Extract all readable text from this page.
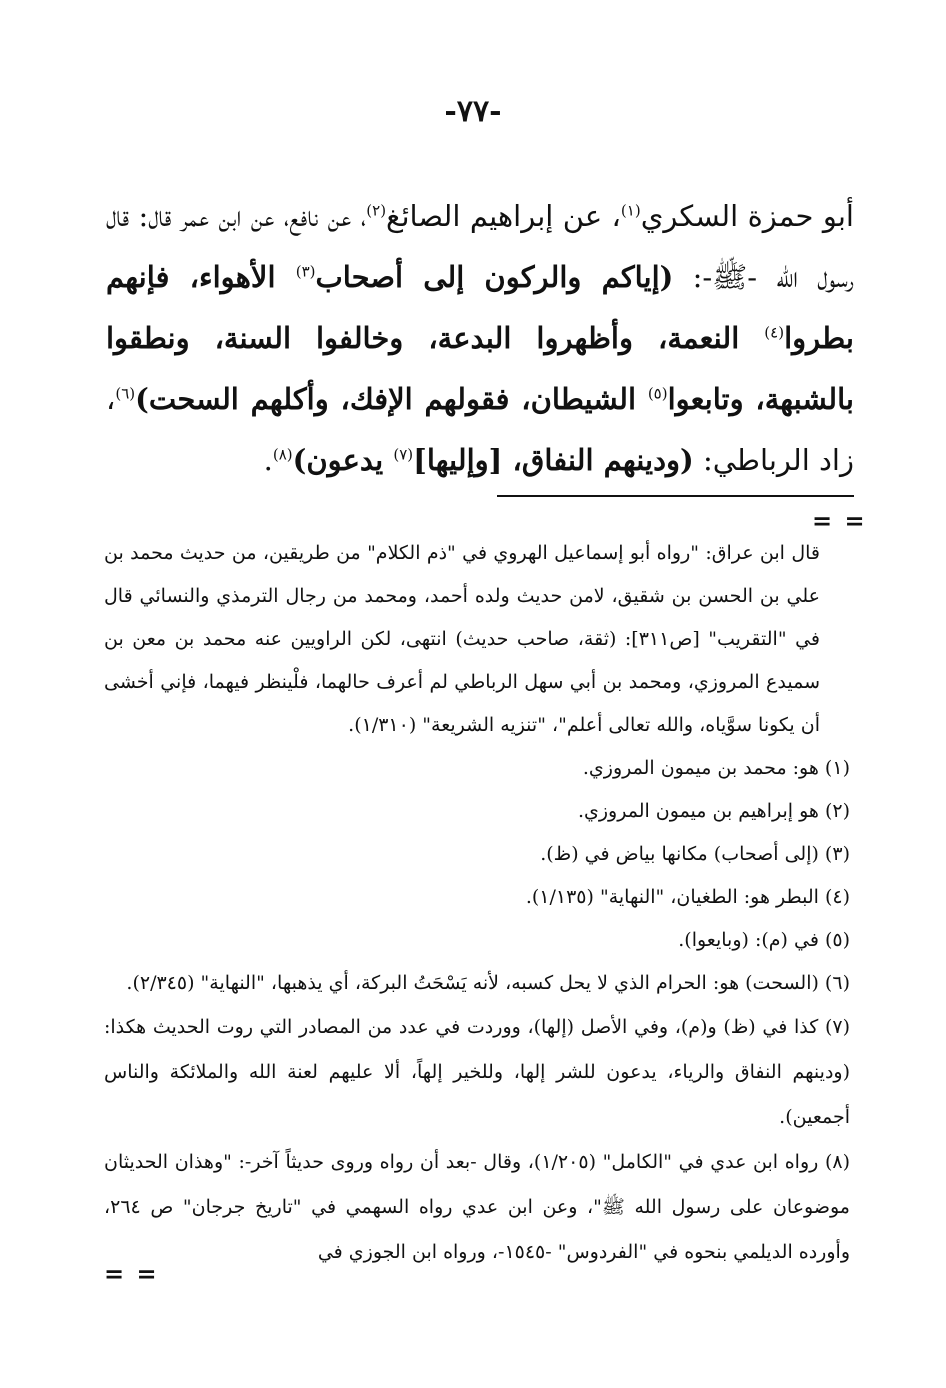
-٧٧-

أبو حمزة السكري$^{(١)}$، عن إبراهيم الصائغ$^{(٢)}$، عن نافع، عن ابن عمر قال: قال رسول الله -ﷺ-: (إياكم والركون إلى أصحاب$^{(٣)}$ الأهواء، فإنهم بطروا$^{(٤)}$ النعمة، وأظهروا البدعة، وخالفوا السنة، ونطقوا بالشبهة، وتابعوا$^{(٥)}$ الشيطان، فقولهم الإفك، وأكلهم السحت)$^{(٦)}$، زاد الرباطي: (ودينهم النفاق، [وإليها]$^{(٧)}$ يدعون)$^{(٨)}$.

= =

قال ابن عراق: "رواه أبو إسماعيل الهروي في "ذم الكلام" من طريقين، من حديث محمد بن علي بن الحسن بن شقيق، لامن حديث ولده أحمد، ومحمد من رجال الترمذي والنسائي قال في "التقريب" [ص٣١١]: (ثقة، صاحب حديث) انتهى، لكن الراويين عنه محمد بن معن بن سميدع المروزي، ومحمد بن أبي سهل الرباطي لم أعرف حالهما، فلْينظر فيهما، فإني أخشى أن يكونا سوَّياه، والله تعالى أعلم"، "تنزيه الشريعة" (١/٣١٠).

(١) هو: محمد بن ميمون المروزي.

(٢) هو إبراهيم بن ميمون المروزي.

(٣) (إلى أصحاب) مكانها بياض في (ظ).

(٤) البطر هو: الطغيان، "النهاية" (١/١٣٥).

(٥) في (م): (وبايعوا).

(٦) (السحت) هو: الحرام الذي لا يحل كسبه، لأنه يَسْحَتُ البركة، أي يذهبها، "النهاية" (٢/٣٤٥).

(٧) كذا في (ظ) و(م)، وفي الأصل (إلها)، ووردت في عدد من المصادر التي روت الحديث هكذا: (ودينهم النفاق والرياء، يدعون للشر إلها، وللخير إلهاً، ألا عليهم لعنة الله والملائكة والناس أجمعين).

(٨) رواه ابن عدي في "الكامل" (١/٢٠٥)، وقال -بعد أن رواه وروى حديثاً آخر-: "وهذان الحديثان موضوعان على رسول الله ﷺ"، وعن ابن عدي رواه السهمي في "تاريخ جرجان" ص ٢٦٤، وأورده الديلمي بنحوه في "الفردوس" -١٥٤٥-، ورواه ابن الجوزي في

= =
